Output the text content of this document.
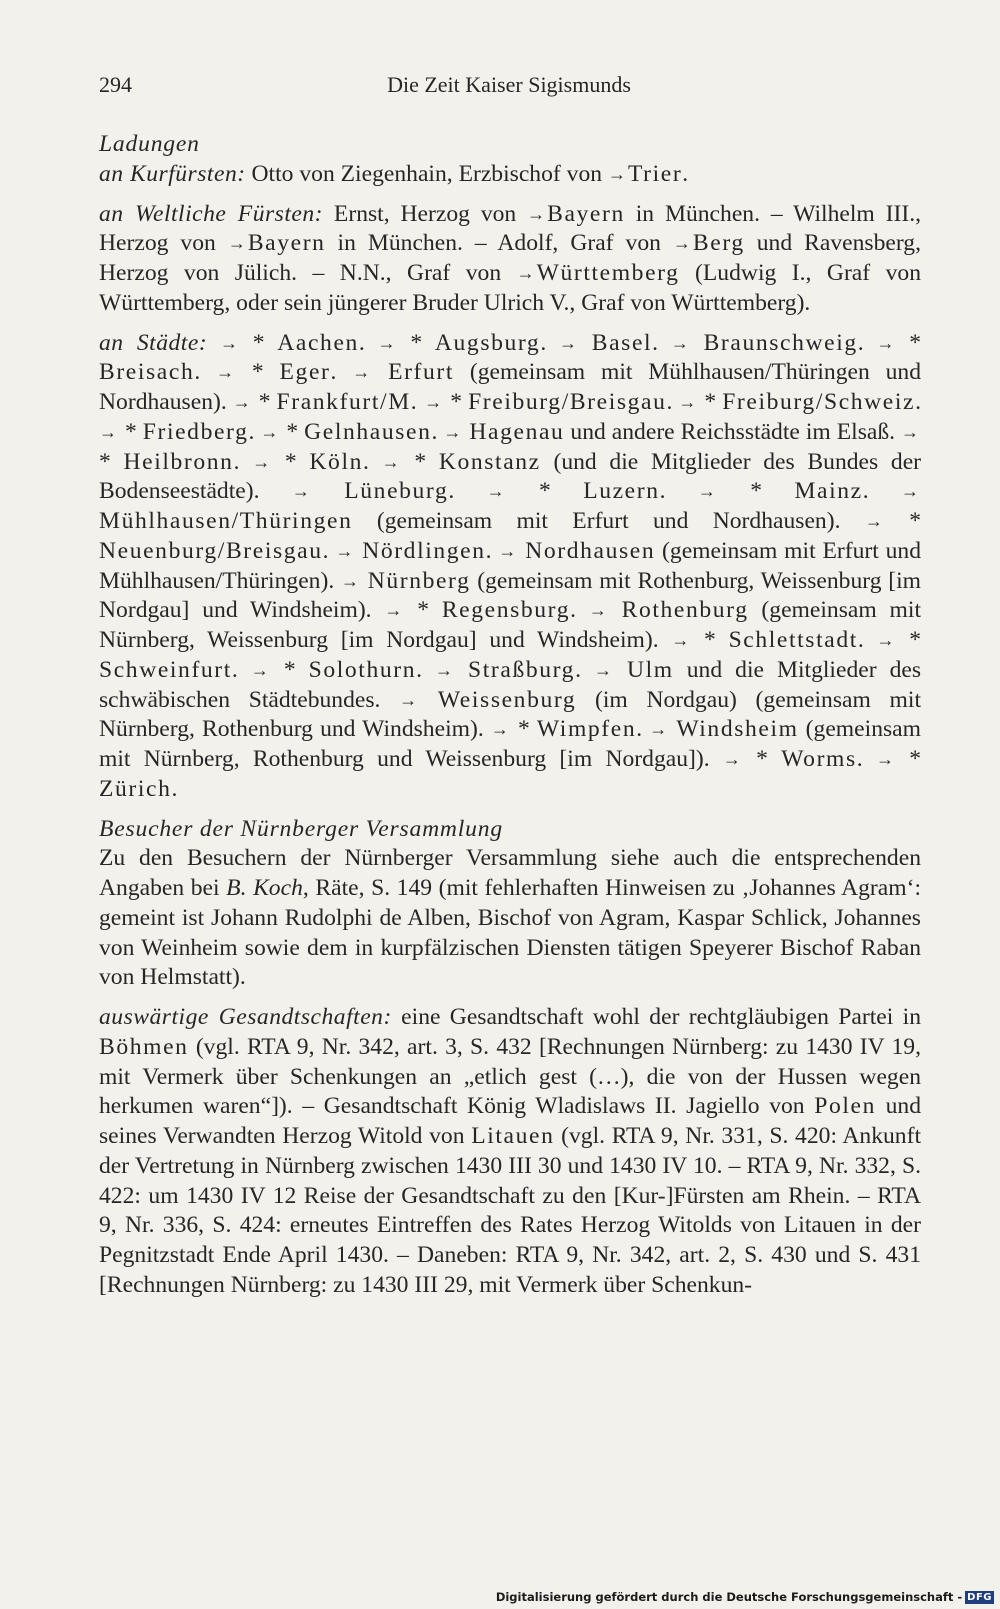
294	Die Zeit Kaiser Sigismunds

Ladungen

an Kurfürsten: Otto von Ziegenhain, Erzbischof von →Trier.

an Weltliche Fürsten: Ernst, Herzog von →Bayern in München. – Wilhelm III., Herzog von →Bayern in München. – Adolf, Graf von →Berg und Ravensberg, Herzog von Jülich. – N.N., Graf von →Württemberg (Ludwig I., Graf von Württemberg, oder sein jüngerer Bruder Ulrich V., Graf von Württemberg).

an Städte: → * Aachen. → * Augsburg. → Basel. → Braunschweig. → * Breisach. → * Eger. → Erfurt (gemeinsam mit Mühlhausen/Thüringen und Nordhausen). → * Frankfurt/M. → * Freiburg/Breisgau. → * Freiburg/Schweiz. → * Friedberg. → * Gelnhausen. → Hagenau und andere Reichsstädte im Elsaß. → * Heilbronn. → * Köln. → * Konstanz (und die Mitglieder des Bundes der Bodenseestädte). → Lüneburg. → * Luzern. → * Mainz. → Mühlhausen/Thüringen (gemeinsam mit Erfurt und Nordhausen). → * Neuenburg/Breisgau. → Nördlingen. → Nordhausen (gemeinsam mit Erfurt und Mühlhausen/Thüringen). → Nürnberg (gemeinsam mit Rothenburg, Weissenburg [im Nordgau] und Windsheim). → * Regensburg. → Rothenburg (gemeinsam mit Nürnberg, Weissenburg [im Nordgau] und Windsheim). → * Schlettstadt. → * Schweinfurt. → * Solothurn. → Straßburg. → Ulm und die Mitglieder des schwäbischen Städtebundes. → Weissenburg (im Nordgau) (gemeinsam mit Nürnberg, Rothenburg und Windsheim). → * Wimpfen. → Windsheim (gemeinsam mit Nürnberg, Rothenburg und Weissenburg [im Nordgau]). → * Worms. → * Zürich.

Besucher der Nürnberger Versammlung

Zu den Besuchern der Nürnberger Versammlung siehe auch die entsprechenden Angaben bei B. Koch, Räte, S. 149 (mit fehlerhaften Hinweisen zu ‚Johannes Agram‘: gemeint ist Johann Rudolphi de Alben, Bischof von Agram, Kaspar Schlick, Johannes von Weinheim sowie dem in kurpfälzischen Diensten tätigen Speyerer Bischof Raban von Helmstatt).

auswärtige Gesandtschaften: eine Gesandtschaft wohl der rechtgläubigen Partei in Böhmen (vgl. RTA 9, Nr. 342, art. 3, S. 432 [Rechnungen Nürnberg: zu 1430 IV 19, mit Vermerk über Schenkungen an „etlich gest (…), die von der Hussen wegen herkumen waren“]). – Gesandtschaft König Wladislaws II. Jagiello von Polen und seines Verwandten Herzog Witold von Litauen (vgl. RTA 9, Nr. 331, S. 420: Ankunft der Vertretung in Nürnberg zwischen 1430 III 30 und 1430 IV 10. – RTA 9, Nr. 332, S. 422: um 1430 IV 12 Reise der Gesandtschaft zu den [Kur-]Fürsten am Rhein. – RTA 9, Nr. 336, S. 424: erneutes Eintreffen des Rates Herzog Witolds von Litauen in der Pegnitzstadt Ende April 1430. – Daneben: RTA 9, Nr. 342, art. 2, S. 430 und S. 431 [Rechnungen Nürnberg: zu 1430 III 29, mit Vermerk über Schenkun-

Digitalisierung gefördert durch die Deutsche Forschungsgemeinschaft - DFG
